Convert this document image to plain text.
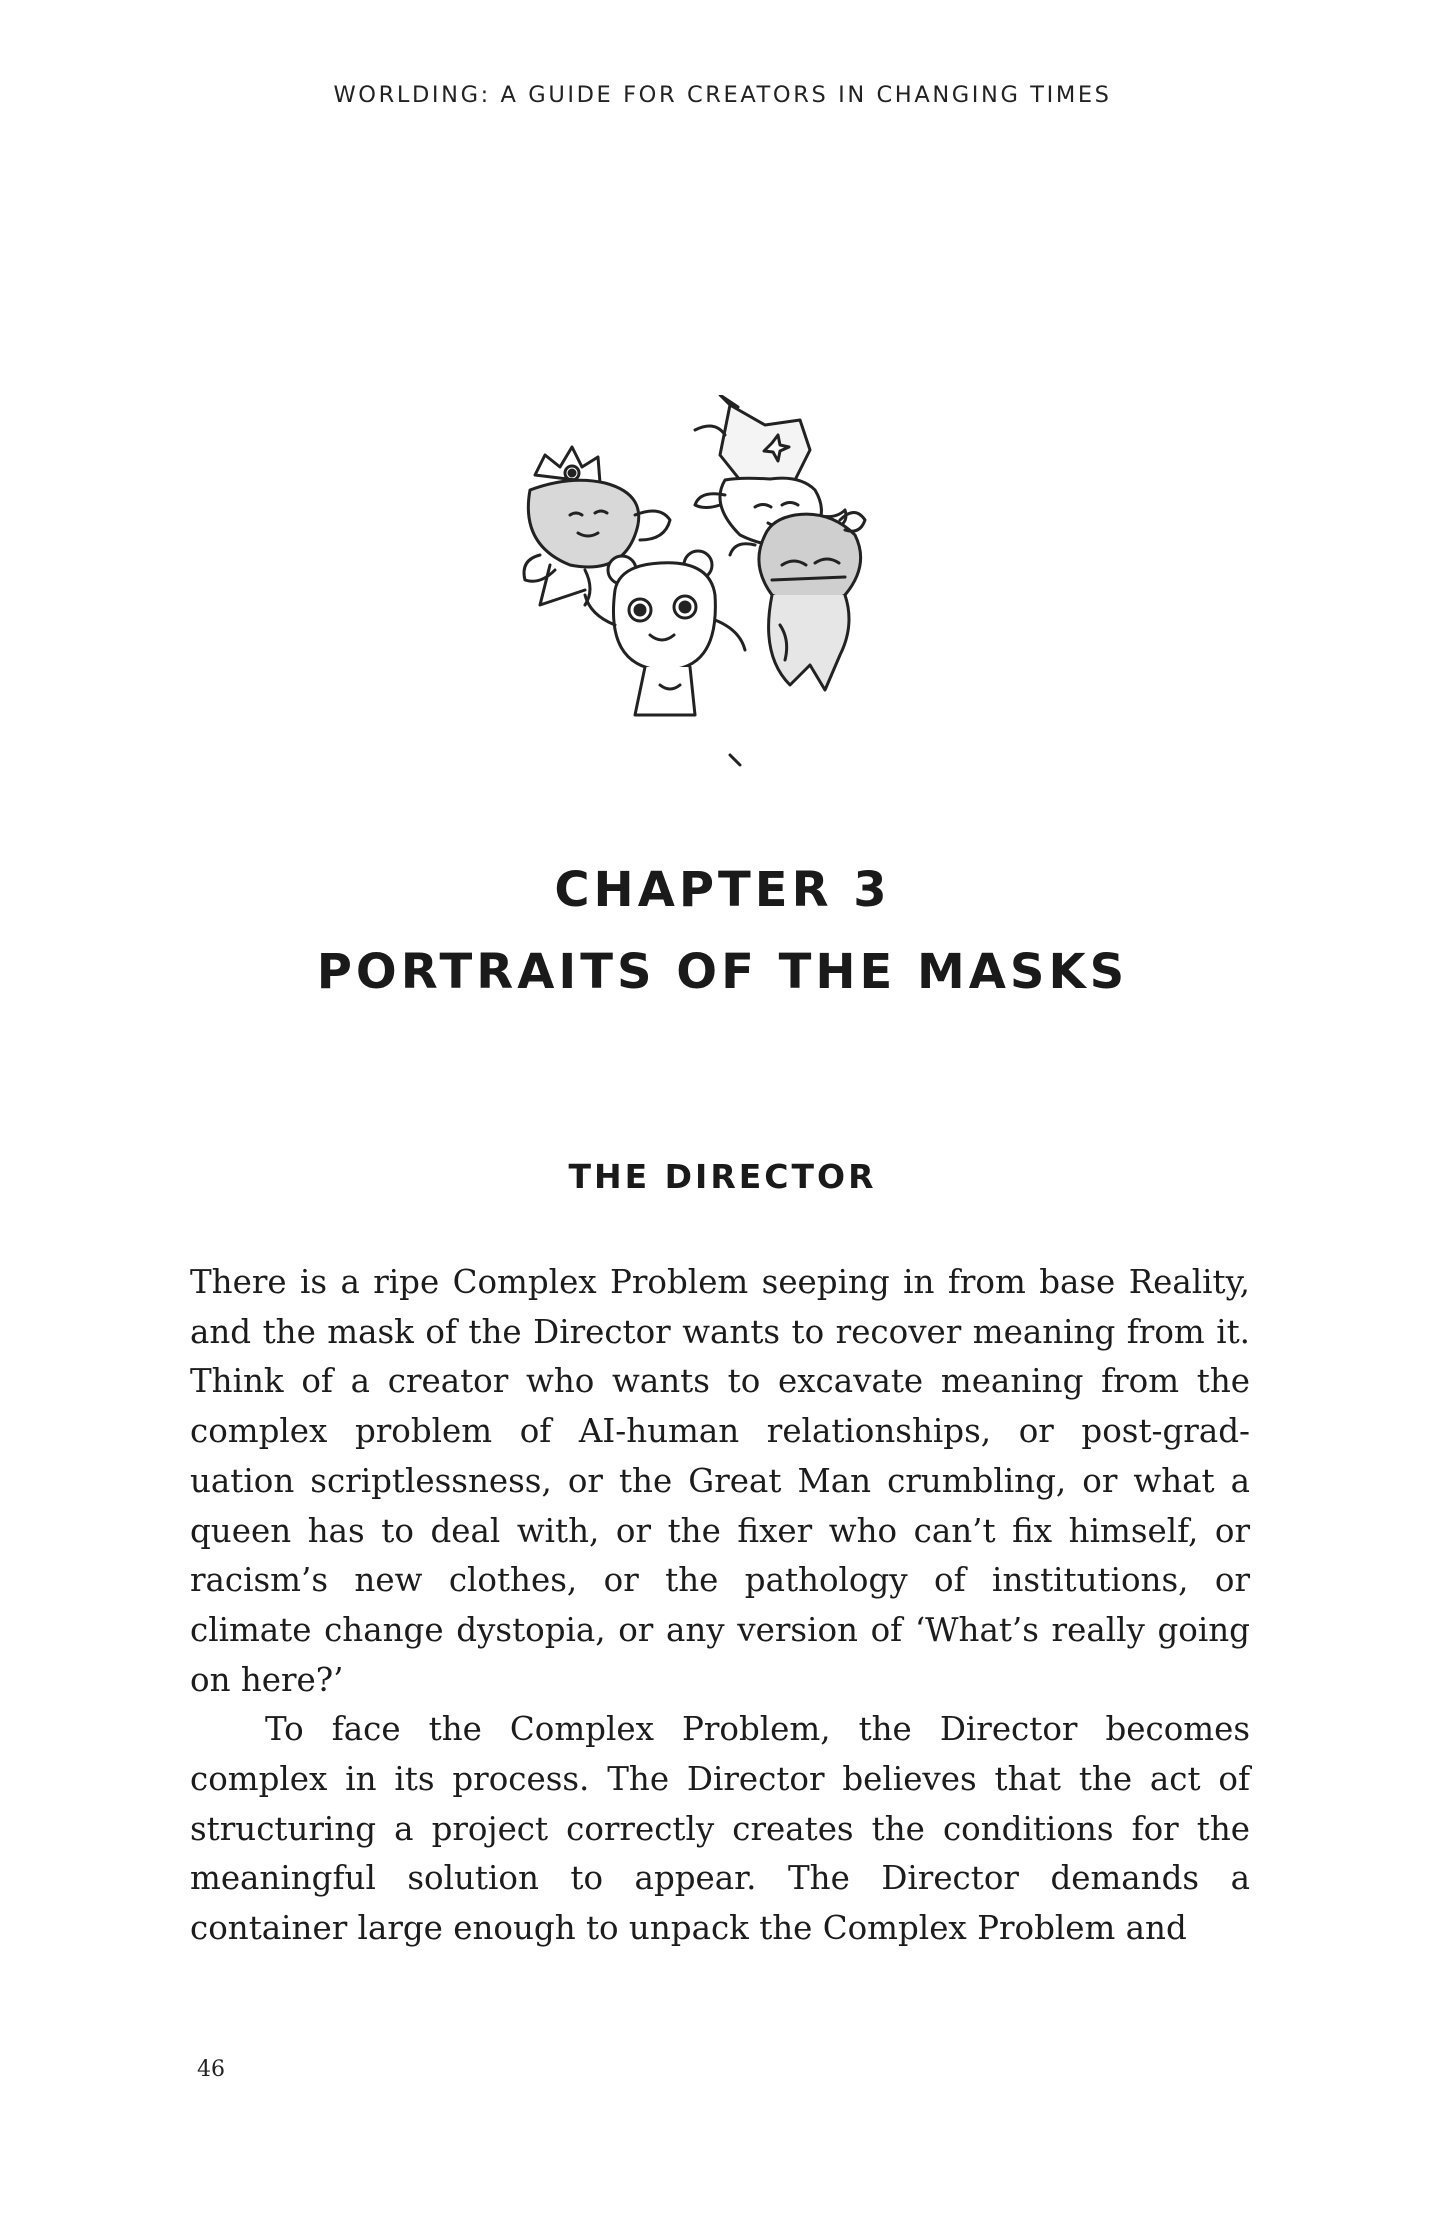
WORLDING: A GUIDE FOR CREATORS IN CHANGING TIMES
CHAPTER 3
PORTRAITS OF THE MASKS
THE DIRECTOR

There is a ripe Complex Problem seeping in from base Reality, and the mask of the Director wants to recover meaning from it. Think of a creator who wants to excavate meaning from the complex problem of AI-human relationships, or post-grad-uation scriptlessness, or the Great Man crumbling, or what a queen has to deal with, or the fixer who can’t fix himself, or racism’s new clothes, or the pathology of institutions, or climate change dystopia, or any version of ‘What’s really going on here?’

To face the Complex Problem, the Director becomes complex in its process. The Director believes that the act of structuring a project correctly creates the conditions for the meaningful solution to appear. The Director demands a container large enough to unpack the Complex Problem and

46
